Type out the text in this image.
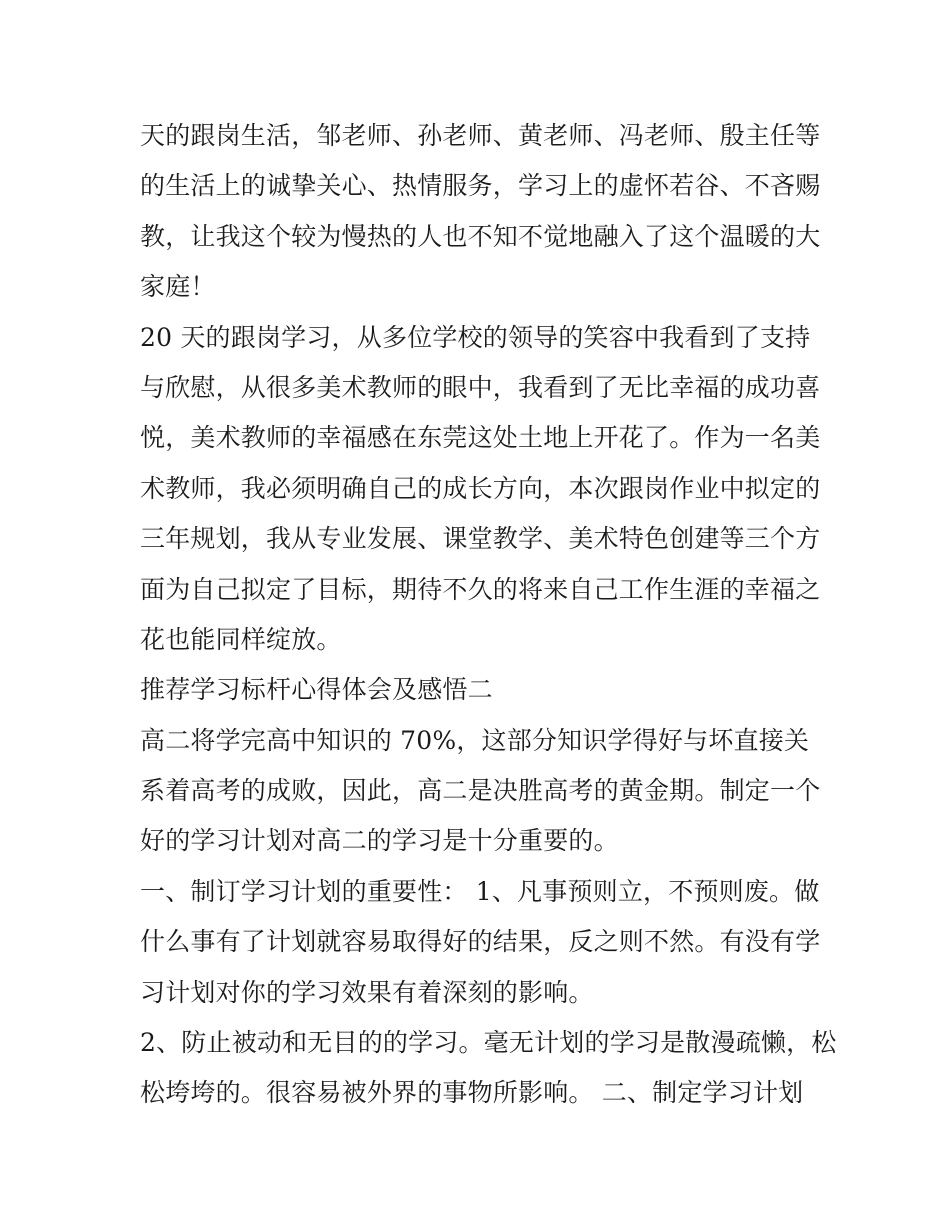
天的跟岗生活，邹老师、孙老师、黄老师、冯老师、殷主任等
的生活上的诚挚关心、热情服务，学习上的虚怀若谷、不吝赐
教，让我这个较为慢热的人也不知不觉地融入了这个温暖的大
家庭！
20 天的跟岗学习，从多位学校的领导的笑容中我看到了支持
与欣慰，从很多美术教师的眼中，我看到了无比幸福的成功喜
悦，美术教师的幸福感在东莞这处土地上开花了。作为一名美
术教师，我必须明确自己的成长方向，本次跟岗作业中拟定的
三年规划，我从专业发展、课堂教学、美术特色创建等三个方
面为自己拟定了目标，期待不久的将来自己工作生涯的幸福之
花也能同样绽放。
推荐学习标杆心得体会及感悟二
高二将学完高中知识的 70%，这部分知识学得好与坏直接关
系着高考的成败，因此，高二是决胜高考的黄金期。制定一个
好的学习计划对高二的学习是十分重要的。
一、制订学习计划的重要性： 1、凡事预则立，不预则废。做
什么事有了计划就容易取得好的结果，反之则不然。有没有学
习计划对你的学习效果有着深刻的影响。
2、防止被动和无目的的学习。毫无计划的学习是散漫疏懒，松
松垮垮的。很容易被外界的事物所影响。 二、制定学习计划
